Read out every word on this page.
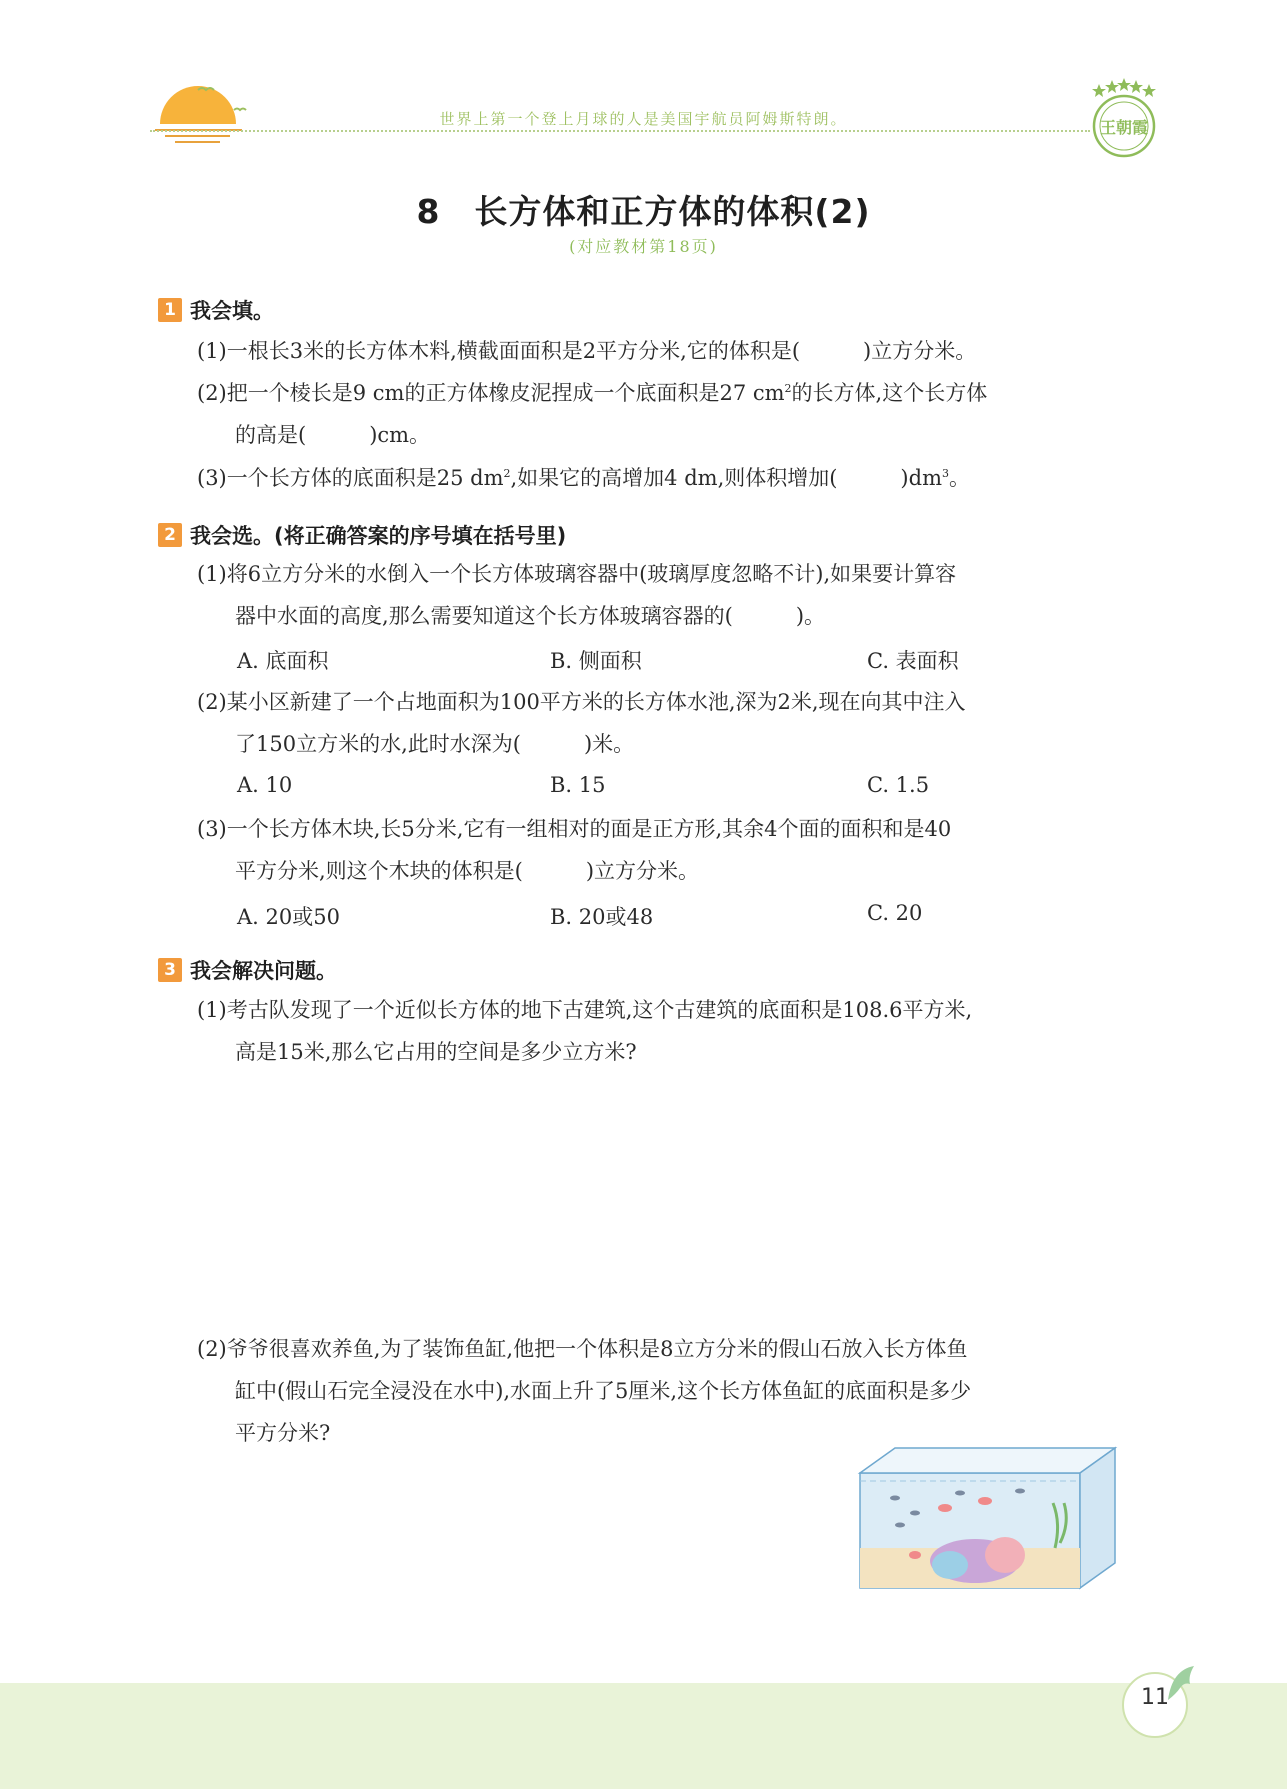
世界上第一个登上月球的人是美国宇航员阿姆斯特朗。	王朝霞
8　长方体和正方体的体积(2)
(对应教材第18页)
1 我会填。
(1)一根长3米的长方体木料,横截面面积是2平方分米,它的体积是(　　　)立方分米。
(2)把一个棱长是9 cm的正方体橡皮泥捏成一个底面积是27 $cm^2$的长方体,这个长方体
的高是(　　　)cm。
(3)一个长方体的底面积是25 $dm^2$,如果它的高增加4 dm,则体积增加(　　　)$dm^3$。
2 我会选。(将正确答案的序号填在括号里)
(1)将6立方分米的水倒入一个长方体玻璃容器中(玻璃厚度忽略不计),如果要计算容
器中水面的高度,那么需要知道这个长方体玻璃容器的(　　　)。
A. 底面积	B. 侧面积	C. 表面积
(2)某小区新建了一个占地面积为100平方米的长方体水池,深为2米,现在向其中注入
了150立方米的水,此时水深为(　　　)米。
A. 10	B. 15	C. 1.5
(3)一个长方体木块,长5分米,它有一组相对的面是正方形,其余4个面的面积和是40
平方分米,则这个木块的体积是(　　　)立方分米。
A. 20或50	B. 20或48	C. 20
3 我会解决问题。
(1)考古队发现了一个近似长方体的地下古建筑,这个古建筑的底面积是108.6平方米,
高是15米,那么它占用的空间是多少立方米?
(2)爷爷很喜欢养鱼,为了装饰鱼缸,他把一个体积是8立方分米的假山石放入长方体鱼
缸中(假山石完全浸没在水中),水面上升了5厘米,这个长方体鱼缸的底面积是多少
平方分米?
11
